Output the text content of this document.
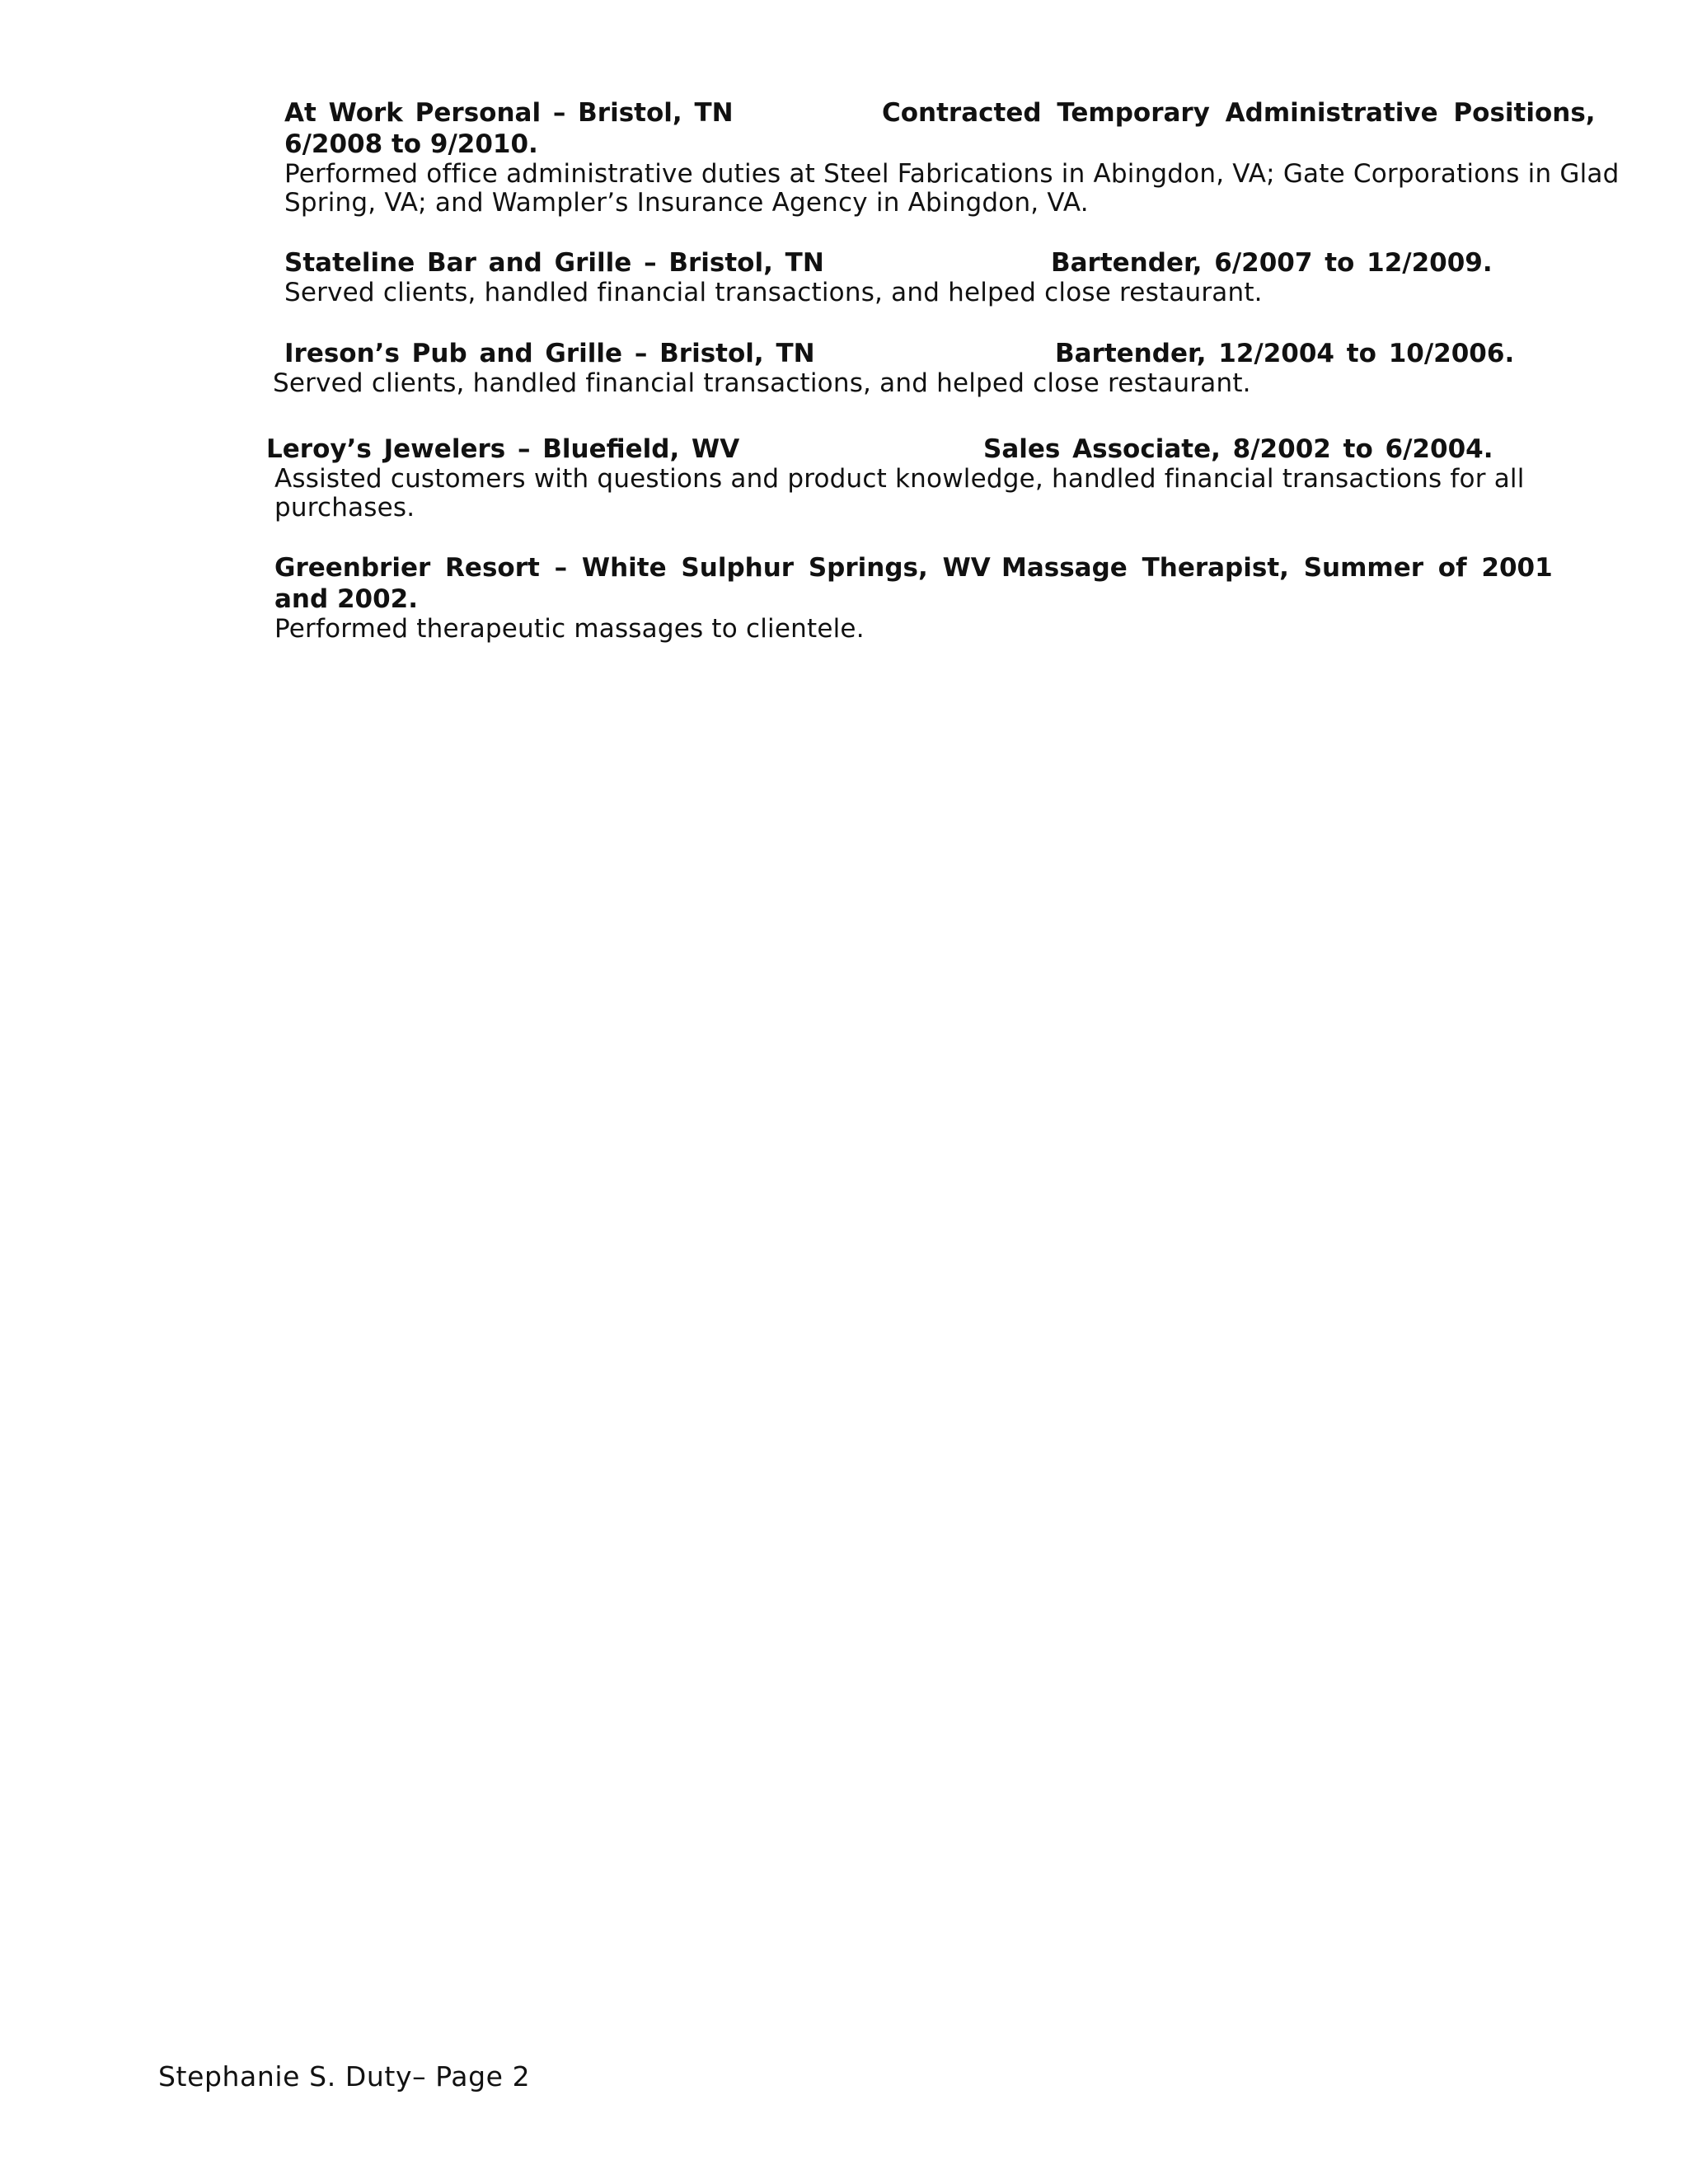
At Work Personal – Bristol, TN	Contracted Temporary Administrative Positions,
6/2008 to 9/2010.
Performed office administrative duties at Steel Fabrications in Abingdon, VA; Gate Corporations in Glad
Spring, VA; and Wampler’s Insurance Agency in Abingdon, VA.
Stateline Bar and Grille – Bristol, TN	Bartender, 6/2007 to 12/2009.
Served clients, handled financial transactions, and helped close restaurant.
Ireson’s Pub and Grille – Bristol, TN	Bartender, 12/2004 to 10/2006.
Served clients, handled financial transactions, and helped close restaurant.
Leroy’s Jewelers – Bluefield, WV	Sales Associate, 8/2002 to 6/2004.
Assisted customers with questions and product knowledge, handled financial transactions for all
purchases.
Greenbrier Resort – White Sulphur Springs, WV Massage Therapist, Summer of 2001
and 2002.
Performed therapeutic massages to clientele.
Stephanie S. Duty– Page 2
